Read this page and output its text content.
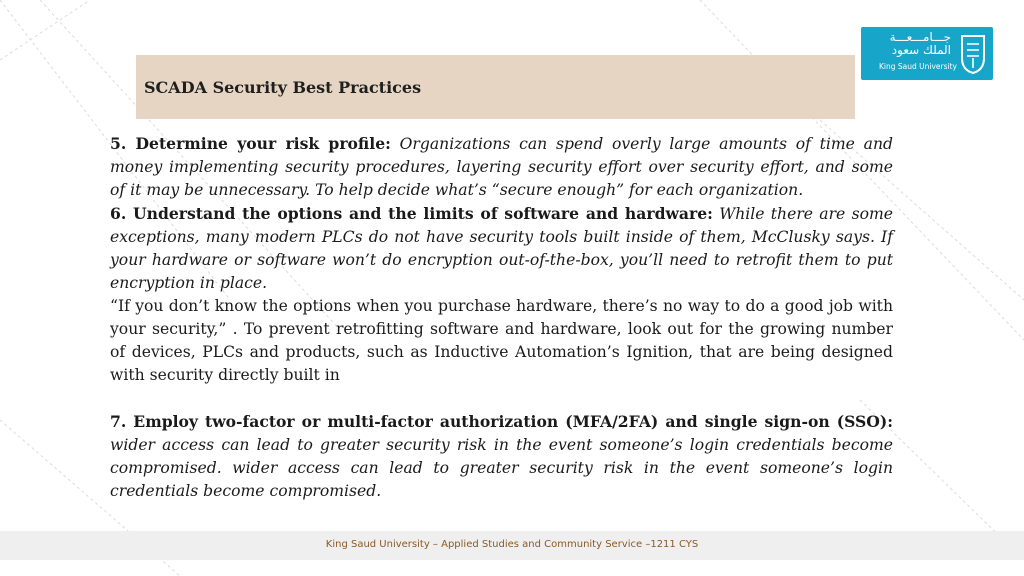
SCADA Security Best Practices
جـــامـــعـــة
الملك سعود
King Saud University

5. Determine your risk profile: Organizations can spend overly large amounts of time and money implementing security procedures, layering security effort over security effort, and some of it may be unnecessary. To help decide what’s “secure enough” for each organization.

6. Understand the options and the limits of software and hardware: While there are some exceptions, many modern PLCs do not have security tools built inside of them, McClusky says. If your hardware or software won’t do encryption out-of-the-box, you’ll need to retrofit them to put encryption in place.

“If you don’t know the options when you purchase hardware, there’s no way to do a good job with your security,” . To prevent retrofitting software and hardware, look out for the growing number of devices, PLCs and products, such as Inductive Automation’s Ignition, that are being designed with security directly built in

7. Employ two-factor or multi-factor authorization (MFA/2FA) and single sign-on (SSO): wider access can lead to greater security risk in the event someone’s login credentials become compromised. wider access can lead to greater security risk in the event someone’s login credentials become compromised.

King Saud University – Applied Studies and Community Service –1211 CYS
